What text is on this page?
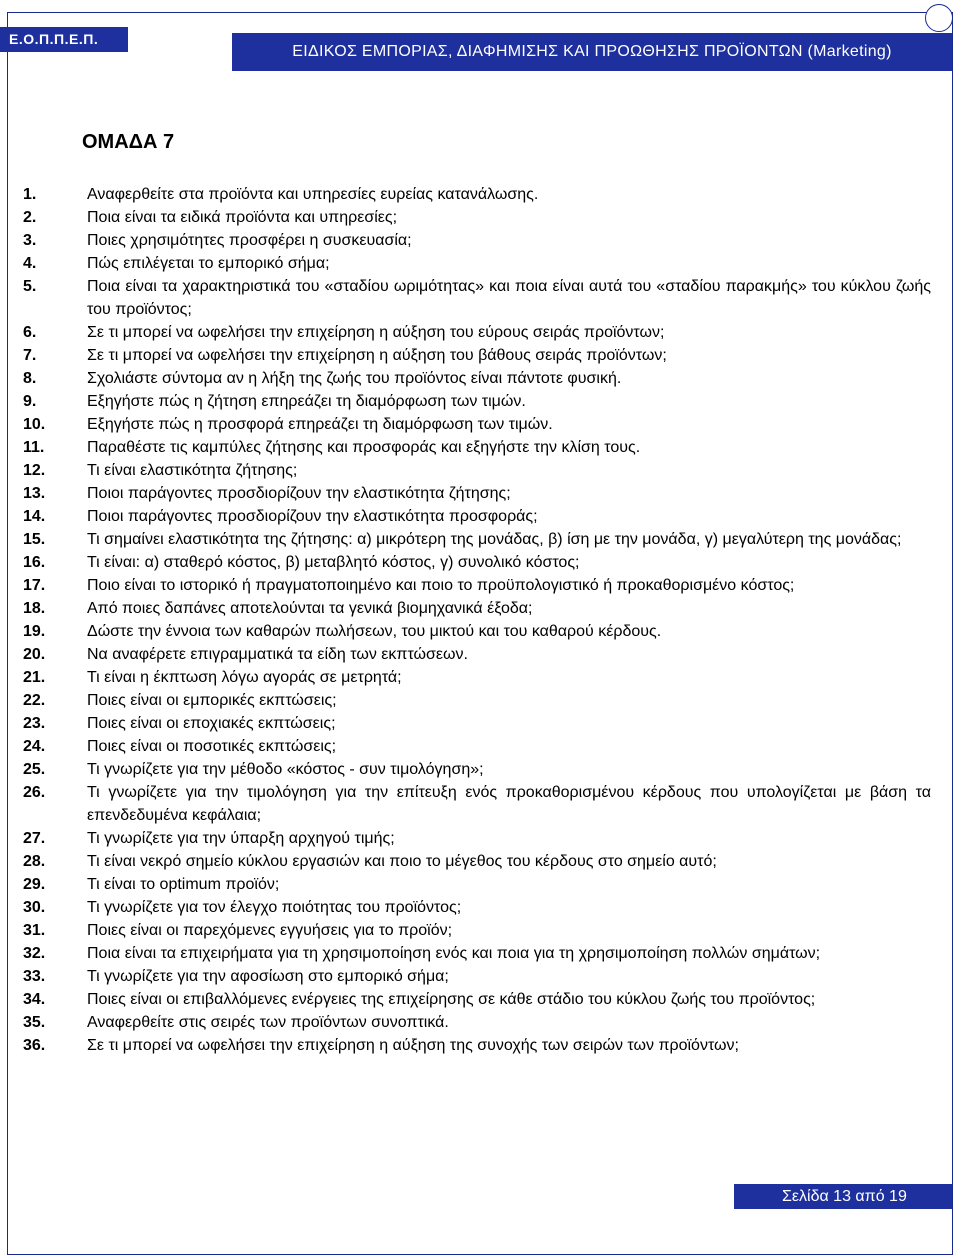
Ε.Ο.Π.Π.Ε.Π.
ΕΙΔΙΚΟΣ ΕΜΠΟΡΙΑΣ, ΔΙΑΦΗΜΙΣΗΣ ΚΑΙ ΠΡΟΩΘΗΣΗΣ ΠΡΟΪΟΝΤΩΝ (Marketing)
ΟΜΑΔΑ 7
1.	Αναφερθείτε στα προϊόντα και υπηρεσίες ευρείας κατανάλωσης.
2.	Ποια είναι τα ειδικά προϊόντα και υπηρεσίες;
3.	Ποιες χρησιμότητες προσφέρει η συσκευασία;
4.	Πώς επιλέγεται το εμπορικό σήμα;
5.	Ποια είναι τα χαρακτηριστικά του «σταδίου ωριμότητας» και ποια είναι αυτά του «σταδίου παρακμής» του κύκλου ζωής του προϊόντος;
6.	Σε τι μπορεί να ωφελήσει την επιχείρηση η αύξηση του εύρους σειράς προϊόντων;
7.	Σε τι μπορεί να ωφελήσει την επιχείρηση η αύξηση του βάθους σειράς προϊόντων;
8.	Σχολιάστε σύντομα αν η λήξη της ζωής του προϊόντος είναι πάντοτε φυσική.
9.	Εξηγήστε πώς η ζήτηση επηρεάζει τη διαμόρφωση των τιμών.
10.	Εξηγήστε πώς η προσφορά επηρεάζει τη διαμόρφωση των τιμών.
11.	Παραθέστε τις καμπύλες ζήτησης και προσφοράς και εξηγήστε την κλίση τους.
12.	Τι είναι ελαστικότητα ζήτησης;
13.	Ποιοι παράγοντες προσδιορίζουν την ελαστικότητα ζήτησης;
14.	Ποιοι παράγοντες προσδιορίζουν την ελαστικότητα προσφοράς;
15.	Τι σημαίνει ελαστικότητα της ζήτησης: α) μικρότερη της μονάδας, β) ίση με την μονάδα, γ) μεγαλύτερη της μονάδας;
16.	Τι είναι: α) σταθερό κόστος, β) μεταβλητό κόστος, γ) συνολικό κόστος;
17.	Ποιο είναι το ιστορικό ή πραγματοποιημένο και ποιο το προϋπολογιστικό ή προκαθορισμένο κόστος;
18.	Από ποιες δαπάνες αποτελούνται τα γενικά βιομηχανικά έξοδα;
19.	Δώστε την έννοια των καθαρών πωλήσεων, του μικτού και του καθαρού κέρδους.
20.	Να αναφέρετε επιγραμματικά τα είδη των εκπτώσεων.
21.	Τι είναι η έκπτωση λόγω αγοράς σε μετρητά;
22.	Ποιες είναι οι εμπορικές εκπτώσεις;
23.	Ποιες είναι οι εποχιακές εκπτώσεις;
24.	Ποιες είναι οι ποσοτικές εκπτώσεις;
25.	Τι γνωρίζετε για την μέθοδο «κόστος - συν τιμολόγηση»;
26.	Τι γνωρίζετε για την τιμολόγηση για την επίτευξη ενός προκαθορισμένου κέρδους που υπολογίζεται με βάση τα επενδεδυμένα κεφάλαια;
27.	Τι γνωρίζετε για την ύπαρξη αρχηγού τιμής;
28.	Τι είναι νεκρό σημείο κύκλου εργασιών και ποιο το μέγεθος του κέρδους στο σημείο αυτό;
29.	Τι είναι το optimum προϊόν;
30.	Τι γνωρίζετε για τον έλεγχο ποιότητας του προϊόντος;
31.	Ποιες είναι οι παρεχόμενες εγγυήσεις για το προϊόν;
32.	Ποια είναι τα επιχειρήματα για τη χρησιμοποίηση ενός και ποια για τη χρησιμοποίηση πολλών σημάτων;
33.	Τι γνωρίζετε για την αφοσίωση στο εμπορικό σήμα;
34.	Ποιες είναι οι επιβαλλόμενες ενέργειες της επιχείρησης σε κάθε στάδιο του κύκλου ζωής του προϊόντος;
35.	Αναφερθείτε στις σειρές των προϊόντων συνοπτικά.
36.	Σε τι μπορεί να ωφελήσει την επιχείρηση η αύξηση της συνοχής των σειρών των προϊόντων;
Σελίδα 13 από 19
